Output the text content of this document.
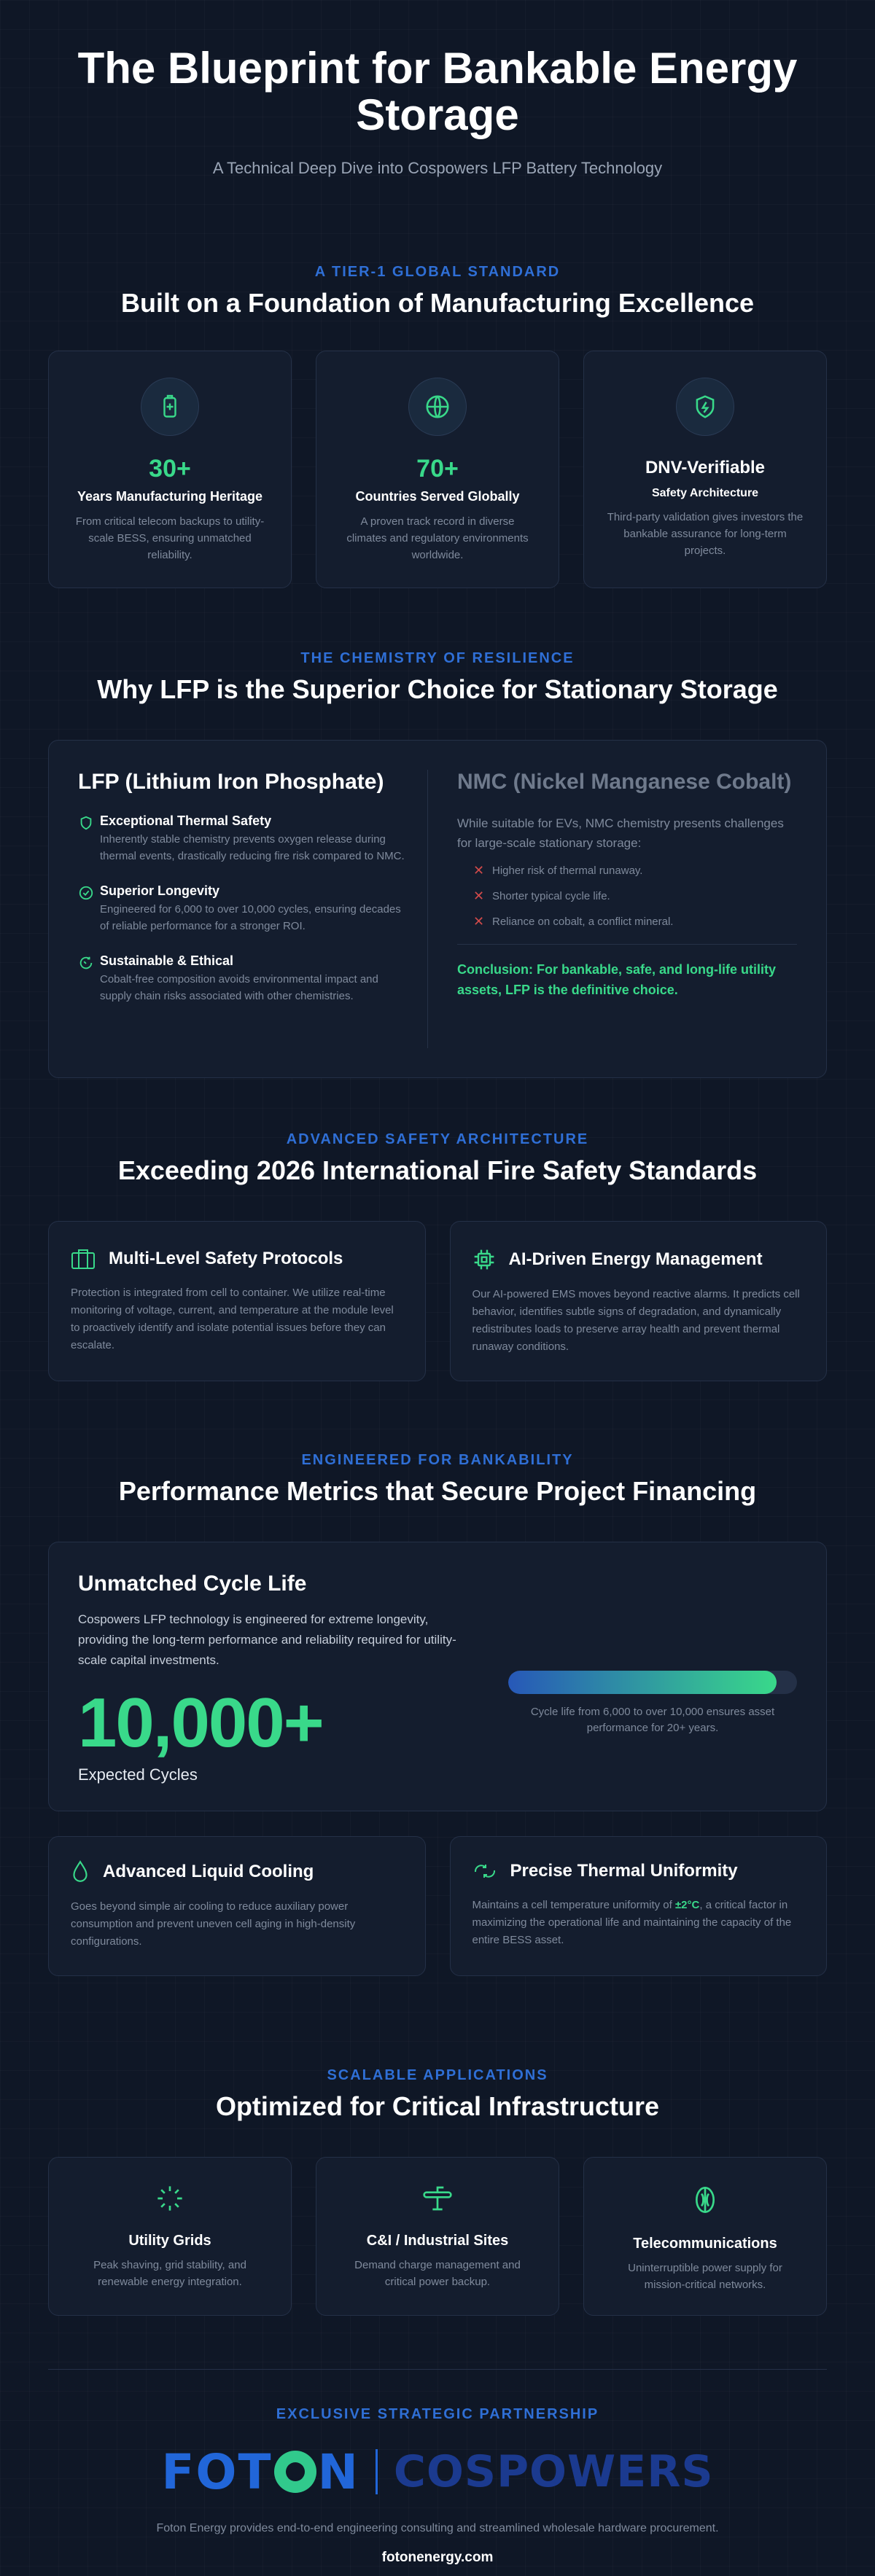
The Blueprint for Bankable Energy Storage
A Technical Deep Dive into Cospowers LFP Battery Technology
A TIER-1 GLOBAL STANDARD
Built on a Foundation of Manufacturing Excellence
30+
Years Manufacturing Heritage
From critical telecom backups to utility-scale BESS, ensuring unmatched reliability.
70+
Countries Served Globally
A proven track record in diverse climates and regulatory environments worldwide.
DNV-Verifiable
Safety Architecture
Third-party validation gives investors the bankable assurance for long-term projects.
THE CHEMISTRY OF RESILIENCE
Why LFP is the Superior Choice for Stationary Storage
LFP (Lithium Iron Phosphate)
Exceptional Thermal Safety
Inherently stable chemistry prevents oxygen release during thermal events, drastically reducing fire risk compared to NMC.
Superior Longevity
Engineered for 6,000 to over 10,000 cycles, ensuring decades of reliable performance for a stronger ROI.
Sustainable & Ethical
Cobalt-free composition avoids environmental impact and supply chain risks associated with other chemistries.
NMC (Nickel Manganese Cobalt)
While suitable for EVs, NMC chemistry presents challenges for large-scale stationary storage:
✕ Higher risk of thermal runaway.
✕ Shorter typical cycle life.
✕ Reliance on cobalt, a conflict mineral.
Conclusion: For bankable, safe, and long-life utility assets, LFP is the definitive choice.
ADVANCED SAFETY ARCHITECTURE
Exceeding 2026 International Fire Safety Standards
Multi-Level Safety Protocols
Protection is integrated from cell to container. We utilize real-time monitoring of voltage, current, and temperature at the module level to proactively identify and isolate potential issues before they can escalate.
AI-Driven Energy Management
Our AI-powered EMS moves beyond reactive alarms. It predicts cell behavior, identifies subtle signs of degradation, and dynamically redistributes loads to preserve array health and prevent thermal runaway conditions.
ENGINEERED FOR BANKABILITY
Performance Metrics that Secure Project Financing
Unmatched Cycle Life

Cospowers LFP technology is engineered for extreme longevity, providing the long-term performance and reliability required for utility-scale capital investments.

10,000+
Expected Cycles
Cycle life from 6,000 to over 10,000 ensures asset performance for 20+ years.
Advanced Liquid Cooling
Goes beyond simple air cooling to reduce auxiliary power consumption and prevent uneven cell aging in high-density configurations.
Precise Thermal Uniformity
Maintains a cell temperature uniformity of ±2°C, a critical factor in maximizing the operational life and maintaining the capacity of the entire BESS asset.
SCALABLE APPLICATIONS
Optimized for Critical Infrastructure
Utility Grids
Peak shaving, grid stability, and renewable energy integration.
C&I / Industrial Sites
Demand charge management and critical power backup.
Telecommunications
Uninterruptible power supply for mission-critical networks.
EXCLUSIVE STRATEGIC PARTNERSHIP
FOT N COSPOWERS
Foton Energy provides end-to-end engineering consulting and streamlined wholesale hardware procurement.
fotonenergy.com
